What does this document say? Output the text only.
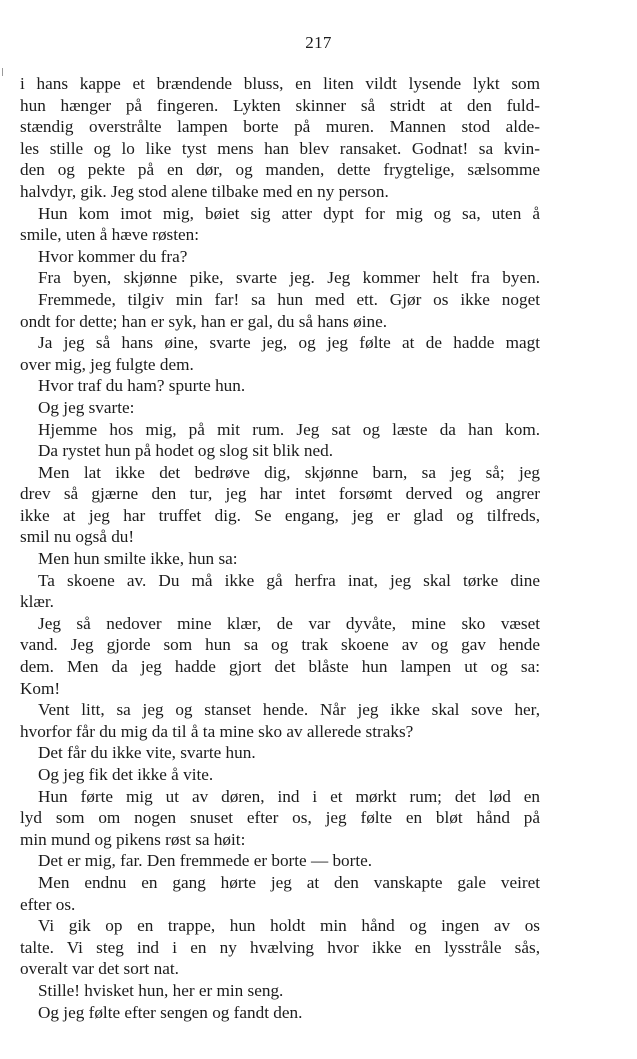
217
i hans kappe et brændende bluss, en liten vildt lysende lykt som
hun hænger på fingeren. Lykten skinner så stridt at den fuld-
stændig overstrålte lampen borte på muren. Mannen stod alde-
les stille og lo like tyst mens han blev ransaket. Godnat! sa kvin-
den og pekte på en dør, og manden, dette frygtelige, sælsomme
halvdyr, gik. Jeg stod alene tilbake med en ny person.
Hun kom imot mig, bøiet sig atter dypt for mig og sa, uten å
smile, uten å hæve røsten:
Hvor kommer du fra?
Fra byen, skjønne pike, svarte jeg. Jeg kommer helt fra byen.
Fremmede, tilgiv min far! sa hun med ett. Gjør os ikke noget
ondt for dette; han er syk, han er gal, du så hans øine.
Ja jeg så hans øine, svarte jeg, og jeg følte at de hadde magt
over mig, jeg fulgte dem.
Hvor traf du ham? spurte hun.
Og jeg svarte:
Hjemme hos mig, på mit rum. Jeg sat og læste da han kom.
Da rystet hun på hodet og slog sit blik ned.
Men lat ikke det bedrøve dig, skjønne barn, sa jeg så; jeg
drev så gjærne den tur, jeg har intet forsømt derved og angrer
ikke at jeg har truffet dig. Se engang, jeg er glad og tilfreds,
smil nu også du!
Men hun smilte ikke, hun sa:
Ta skoene av. Du må ikke gå herfra inat, jeg skal tørke dine
klær.
Jeg så nedover mine klær, de var dyvåte, mine sko væset
vand. Jeg gjorde som hun sa og trak skoene av og gav hende
dem. Men da jeg hadde gjort det blåste hun lampen ut og sa:
Kom!
Vent litt, sa jeg og stanset hende. Når jeg ikke skal sove her,
hvorfor får du mig da til å ta mine sko av allerede straks?
Det får du ikke vite, svarte hun.
Og jeg fik det ikke å vite.
Hun førte mig ut av døren, ind i et mørkt rum; det lød en
lyd som om nogen snuset efter os, jeg følte en bløt hånd på
min mund og pikens røst sa høit:
Det er mig, far. Den fremmede er borte — borte.
Men endnu en gang hørte jeg at den vanskapte gale veiret
efter os.
Vi gik op en trappe, hun holdt min hånd og ingen av os
talte. Vi steg ind i en ny hvælving hvor ikke en lysstråle sås,
overalt var det sort nat.
Stille! hvisket hun, her er min seng.
Og jeg følte efter sengen og fandt den.
